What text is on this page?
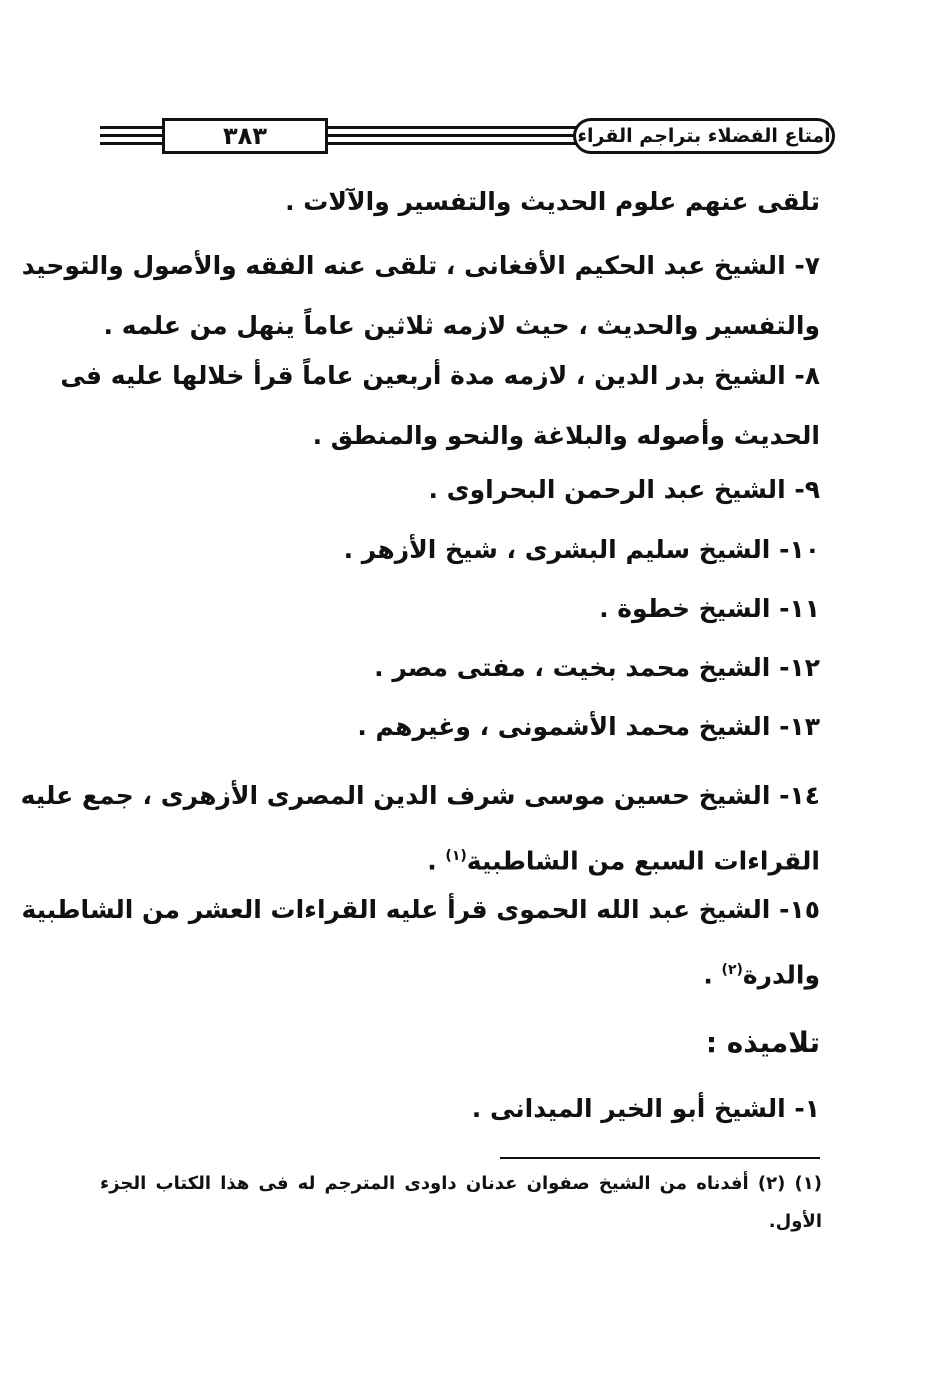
٣٨٣	امتاع الفضلاء بتراجم القراء
تلقى عنهم علوم الحديث والتفسير والآلات .
٧- الشيخ عبد الحكيم الأفغانى ، تلقى عنه الفقه والأصول والتوحيد
والتفسير والحديث ، حيث لازمه ثلاثين عاماً ينهل من علمه .
٨- الشيخ بدر الدين ، لازمه مدة أربعين عاماً قرأ خلالها عليه فى
الحديث وأصوله والبلاغة والنحو والمنطق .
٩- الشيخ عبد الرحمن البحراوى .
١٠- الشيخ سليم البشرى ، شيخ الأزهر .
١١- الشيخ خطوة .
١٢- الشيخ محمد بخيت ، مفتى مصر .
١٣- الشيخ محمد الأشمونى ، وغيرهم .
١٤- الشيخ حسين موسى شرف الدين المصرى الأزهرى ، جمع عليه
القراءات السبع من الشاطبية$^{(١)}$ .
١٥- الشيخ عبد الله الحموى قرأ عليه القراءات العشر من الشاطبية
والدرة$^{(٢)}$ .
تلاميذه :
١- الشيخ أبو الخير الميدانى .
(١) (٢) أفدناه من الشيخ صفوان عدنان داودى المترجم له فى هذا الكتاب الجزء
الأول.
